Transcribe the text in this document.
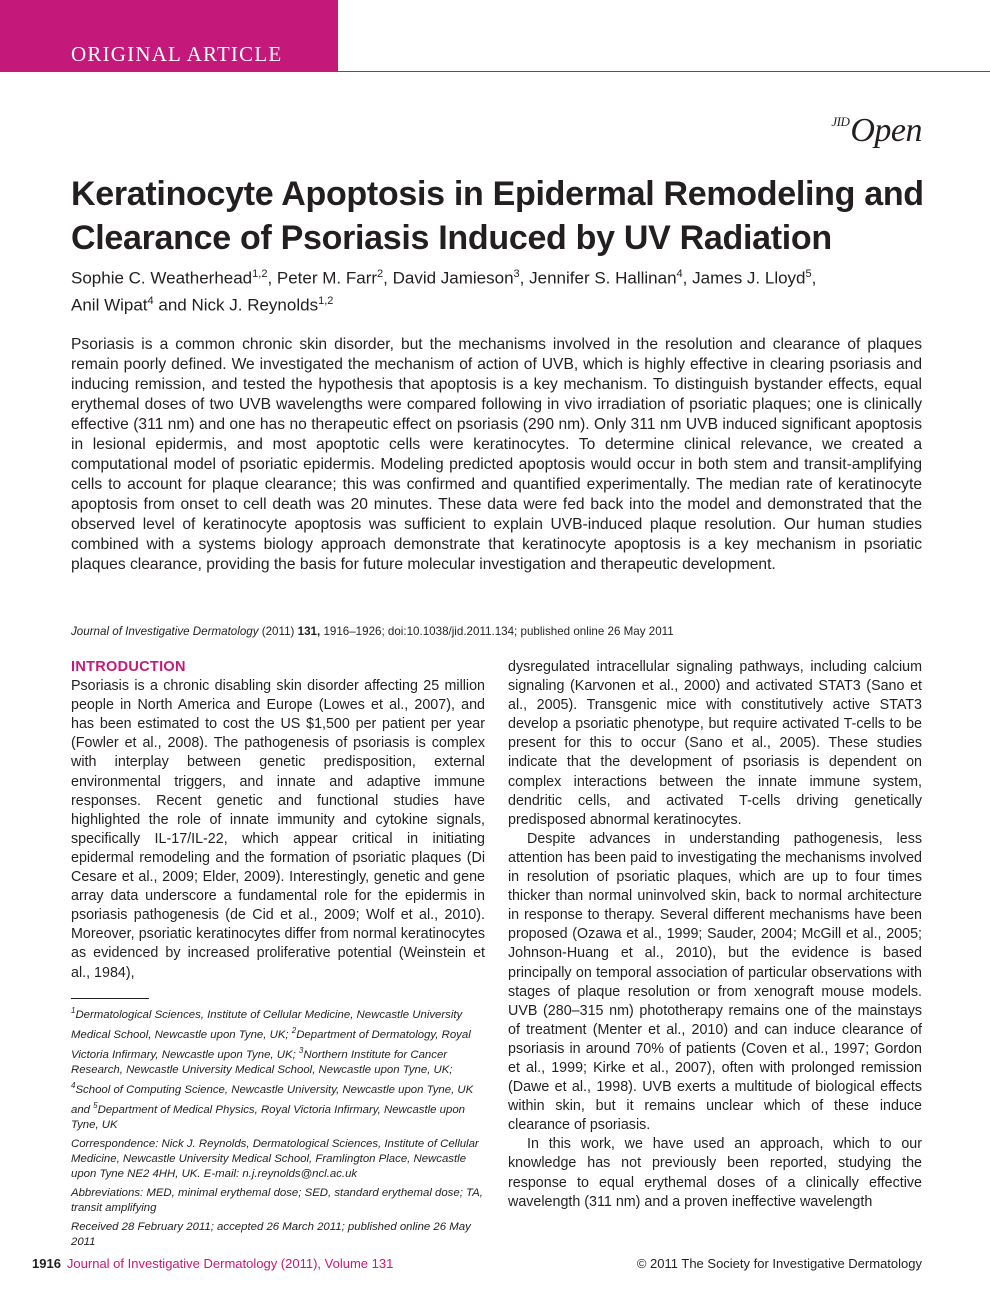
ORIGINAL ARTICLE
$^{JID}$Open
Keratinocyte Apoptosis in Epidermal Remodeling and Clearance of Psoriasis Induced by UV Radiation
Sophie C. Weatherhead$^{1,2}$, Peter M. Farr$^2$, David Jamieson$^3$, Jennifer S. Hallinan$^4$, James J. Lloyd$^5$,
Anil Wipat$^4$ and Nick J. Reynolds$^{1,2}$
Psoriasis is a common chronic skin disorder, but the mechanisms involved in the resolution and clearance of plaques remain poorly defined. We investigated the mechanism of action of UVB, which is highly effective in clearing psoriasis and inducing remission, and tested the hypothesis that apoptosis is a key mechanism. To distinguish bystander effects, equal erythemal doses of two UVB wavelengths were compared following in vivo irradiation of psoriatic plaques; one is clinically effective (311 nm) and one has no therapeutic effect on psoriasis (290 nm). Only 311 nm UVB induced significant apoptosis in lesional epidermis, and most apoptotic cells were keratinocytes. To determine clinical relevance, we created a computational model of psoriatic epidermis. Modeling predicted apoptosis would occur in both stem and transit-amplifying cells to account for plaque clearance; this was confirmed and quantified experimentally. The median rate of keratinocyte apoptosis from onset to cell death was 20 minutes. These data were fed back into the model and demonstrated that the observed level of keratinocyte apoptosis was sufficient to explain UVB-induced plaque resolution. Our human studies combined with a systems biology approach demonstrate that keratinocyte apoptosis is a key mechanism in psoriatic plaques clearance, providing the basis for future molecular investigation and therapeutic development.
Journal of Investigative Dermatology (2011) 131, 1916–1926; doi:10.1038/jid.2011.134; published online 26 May 2011
INTRODUCTION

Psoriasis is a chronic disabling skin disorder affecting 25 million people in North America and Europe (Lowes et al., 2007), and has been estimated to cost the US $1,500 per patient per year (Fowler et al., 2008). The pathogenesis of psoriasis is complex with interplay between genetic predisposition, external environmental triggers, and innate and adaptive immune responses. Recent genetic and functional studies have highlighted the role of innate immunity and cytokine signals, specifically IL-17/IL-22, which appear critical in initiating epidermal remodeling and the formation of psoriatic plaques (Di Cesare et al., 2009; Elder, 2009). Interestingly, genetic and gene array data underscore a fundamental role for the epidermis in psoriasis pathogenesis (de Cid et al., 2009; Wolf et al., 2010). Moreover, psoriatic keratinocytes differ from normal keratinocytes as evidenced by increased proliferative potential (Weinstein et al., 1984),

$^1$Dermatological Sciences, Institute of Cellular Medicine, Newcastle University Medical School, Newcastle upon Tyne, UK; $^2$Department of Dermatology, Royal Victoria Infirmary, Newcastle upon Tyne, UK; $^3$Northern Institute for Cancer Research, Newcastle University Medical School, Newcastle upon Tyne, UK; $^4$School of Computing Science, Newcastle University, Newcastle upon Tyne, UK and $^5$Department of Medical Physics, Royal Victoria Infirmary, Newcastle upon Tyne, UK

Correspondence: Nick J. Reynolds, Dermatological Sciences, Institute of Cellular Medicine, Newcastle University Medical School, Framlington Place, Newcastle upon Tyne NE2 4HH, UK. E-mail: n.j.reynolds@ncl.ac.uk

Abbreviations: MED, minimal erythemal dose; SED, standard erythemal dose; TA, transit amplifying

Received 28 February 2011; accepted 26 March 2011; published online 26 May 2011

dysregulated intracellular signaling pathways, including calcium signaling (Karvonen et al., 2000) and activated STAT3 (Sano et al., 2005). Transgenic mice with constitutively active STAT3 develop a psoriatic phenotype, but require activated T-cells to be present for this to occur (Sano et al., 2005). These studies indicate that the development of psoriasis is dependent on complex interactions between the innate immune system, dendritic cells, and activated T-cells driving genetically predisposed abnormal keratinocytes.

Despite advances in understanding pathogenesis, less attention has been paid to investigating the mechanisms involved in resolution of psoriatic plaques, which are up to four times thicker than normal uninvolved skin, back to normal architecture in response to therapy. Several different mechanisms have been proposed (Ozawa et al., 1999; Sauder, 2004; McGill et al., 2005; Johnson-Huang et al., 2010), but the evidence is based principally on temporal association of particular observations with stages of plaque resolution or from xenograft mouse models. UVB (280–315 nm) phototherapy remains one of the mainstays of treatment (Menter et al., 2010) and can induce clearance of psoriasis in around 70% of patients (Coven et al., 1997; Gordon et al., 1999; Kirke et al., 2007), often with prolonged remission (Dawe et al., 1998). UVB exerts a multitude of biological effects within skin, but it remains unclear which of these induce clearance of psoriasis.

In this work, we have used an approach, which to our knowledge has not previously been reported, studying the response to equal erythemal doses of a clinically effective wavelength (311 nm) and a proven ineffective wavelength

1916 Journal of Investigative Dermatology (2011), Volume 131	© 2011 The Society for Investigative Dermatology
